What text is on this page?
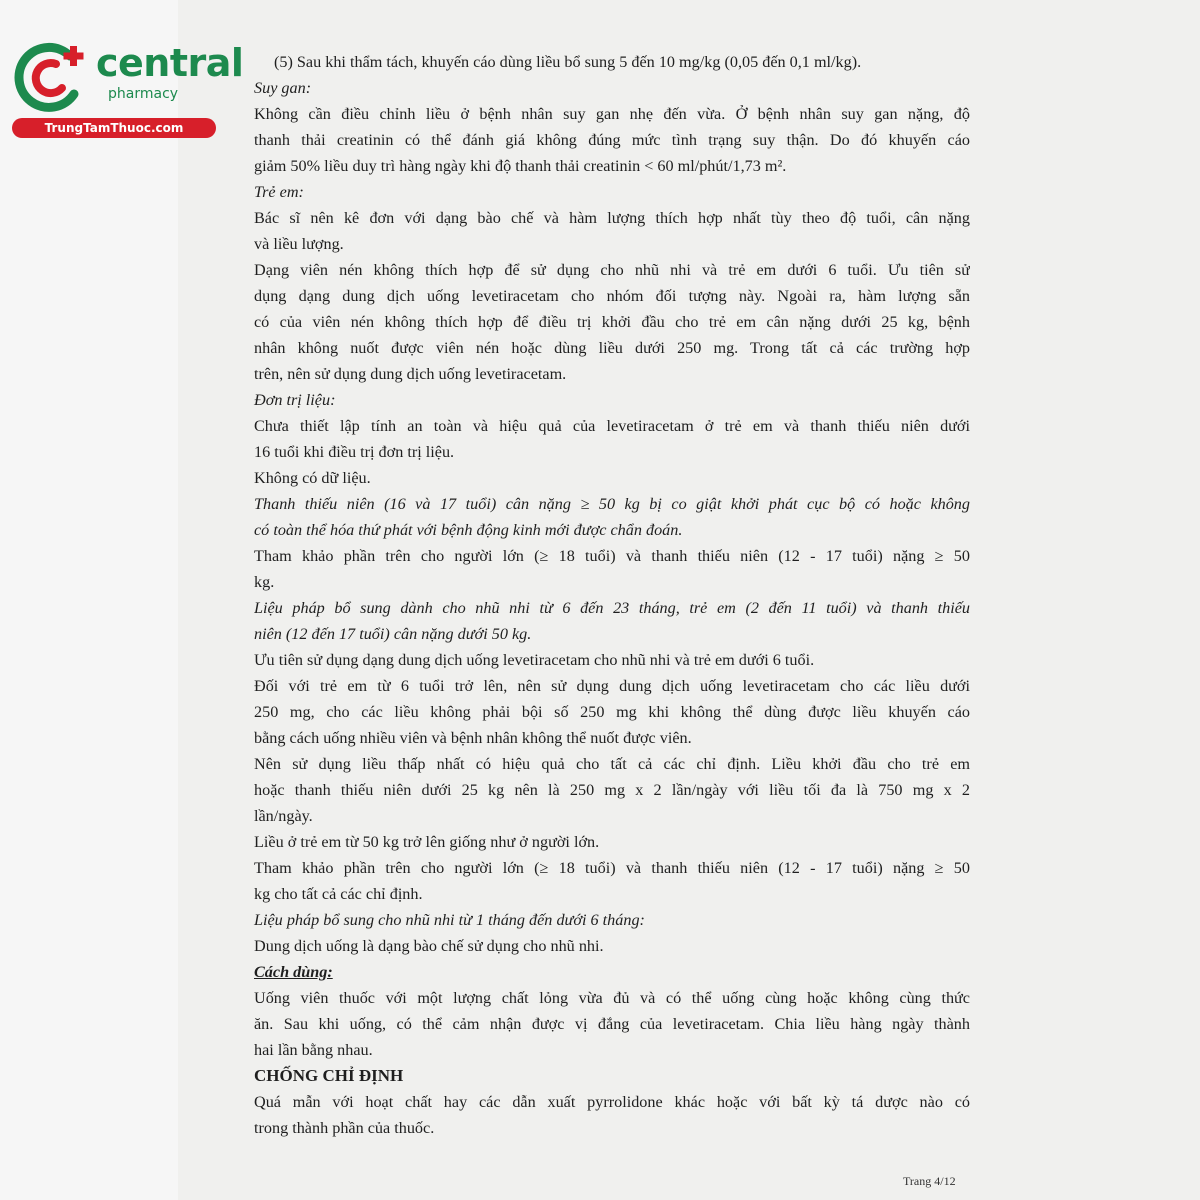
central
pharmacy
TrungTamThuoc.com
(5) Sau khi thẩm tách, khuyến cáo dùng liều bổ sung 5 đến 10 mg/kg (0,05 đến 0,1 ml/kg).
Suy gan:
Không cần điều chỉnh liều ở bệnh nhân suy gan nhẹ đến vừa. Ở bệnh nhân suy gan nặng, độ
thanh thải creatinin có thể đánh giá không đúng mức tình trạng suy thận. Do đó khuyến cáo
giảm 50% liều duy trì hàng ngày khi độ thanh thải creatinin < 60 ml/phút/1,73 m².
Trẻ em:
Bác sĩ nên kê đơn với dạng bào chế và hàm lượng thích hợp nhất tùy theo độ tuổi, cân nặng
và liều lượng.
Dạng viên nén không thích hợp để sử dụng cho nhũ nhi và trẻ em dưới 6 tuổi. Ưu tiên sử
dụng dạng dung dịch uống levetiracetam cho nhóm đối tượng này. Ngoài ra, hàm lượng sẵn
có của viên nén không thích hợp để điều trị khởi đầu cho trẻ em cân nặng dưới 25 kg, bệnh
nhân không nuốt được viên nén hoặc dùng liều dưới 250 mg. Trong tất cả các trường hợp
trên, nên sử dụng dung dịch uống levetiracetam.
Đơn trị liệu:
Chưa thiết lập tính an toàn và hiệu quả của levetiracetam ở trẻ em và thanh thiếu niên dưới
16 tuổi khi điều trị đơn trị liệu.
Không có dữ liệu.
Thanh thiếu niên (16 và 17 tuổi) cân nặng ≥ 50 kg bị co giật khởi phát cục bộ có hoặc không
có toàn thể hóa thứ phát với bệnh động kinh mới được chẩn đoán.
Tham khảo phần trên cho người lớn (≥ 18 tuổi) và thanh thiếu niên (12 - 17 tuổi) nặng ≥ 50
kg.
Liệu pháp bổ sung dành cho nhũ nhi từ 6 đến 23 tháng, trẻ em (2 đến 11 tuổi) và thanh thiếu
niên (12 đến 17 tuổi) cân nặng dưới 50 kg.
Ưu tiên sử dụng dạng dung dịch uống levetiracetam cho nhũ nhi và trẻ em dưới 6 tuổi.
Đối với trẻ em từ 6 tuổi trở lên, nên sử dụng dung dịch uống levetiracetam cho các liều dưới
250 mg, cho các liều không phải bội số 250 mg khi không thể dùng được liều khuyến cáo
bằng cách uống nhiều viên và bệnh nhân không thể nuốt được viên.
Nên sử dụng liều thấp nhất có hiệu quả cho tất cả các chỉ định. Liều khởi đầu cho trẻ em
hoặc thanh thiếu niên dưới 25 kg nên là 250 mg x 2 lần/ngày với liều tối đa là 750 mg x 2
lần/ngày.
Liều ở trẻ em từ 50 kg trở lên giống như ở người lớn.
Tham khảo phần trên cho người lớn (≥ 18 tuổi) và thanh thiếu niên (12 - 17 tuổi) nặng ≥ 50
kg cho tất cả các chỉ định.
Liệu pháp bổ sung cho nhũ nhi từ 1 tháng đến dưới 6 tháng:
Dung dịch uống là dạng bào chế sử dụng cho nhũ nhi.
Cách dùng:
Uống viên thuốc với một lượng chất lỏng vừa đủ và có thể uống cùng hoặc không cùng thức
ăn. Sau khi uống, có thể cảm nhận được vị đắng của levetiracetam. Chia liều hàng ngày thành
hai lần bằng nhau.
CHỐNG CHỈ ĐỊNH
Quá mẫn với hoạt chất hay các dẫn xuất pyrrolidone khác hoặc với bất kỳ tá dược nào có
trong thành phần của thuốc.
Trang 4/12
